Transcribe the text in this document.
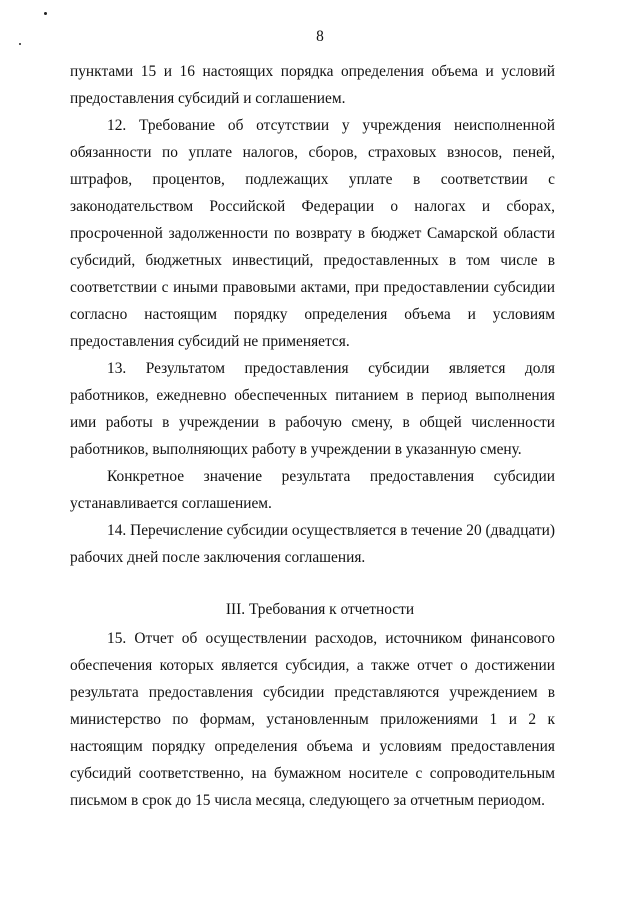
8

пунктами 15 и 16 настоящих порядка определения объема и условий предоставления субсидий и соглашением.

12. Требование об отсутствии у учреждения неисполненной обязанности по уплате налогов, сборов, страховых взносов, пеней, штрафов, процентов, подлежащих уплате в соответствии с законодательством Российской Федерации о налогах и сборах, просроченной задолженности по возврату в бюджет Самарской области субсидий, бюджетных инвестиций, предоставленных в том числе в соответствии с иными правовыми актами, при предоставлении субсидии согласно настоящим порядку определения объема и условиям предоставления субсидий не применяется.

13. Результатом предоставления субсидии является доля работников, ежедневно обеспеченных питанием в период выполнения ими работы в учреждении в рабочую смену, в общей численности работников, выполняющих работу в учреждении в указанную смену.

Конкретное значение результата предоставления субсидии устанавливается соглашением.

14. Перечисление субсидии осуществляется в течение 20 (двадцати) рабочих дней после заключения соглашения.

III. Требования к отчетности

15. Отчет об осуществлении расходов, источником финансового обеспечения которых является субсидия, а также отчет о достижении результата предоставления субсидии представляются учреждением в министерство по формам, установленным приложениями 1 и 2 к настоящим порядку определения объема и условиям предоставления субсидий соответственно, на бумажном носителе с сопроводительным письмом в срок до 15 числа месяца, следующего за отчетным периодом.
